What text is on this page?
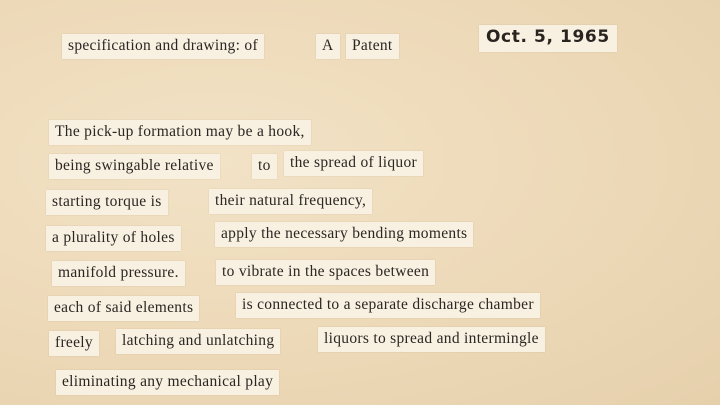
specification and drawing: of	A	Patent	Oct. 5, 1965
The pick-up formation may be a hook,
being swingable relative	to	the spread of liquor
starting torque is	their natural frequency,
a plurality of holes	apply the necessary bending moments
manifold pressure.	to vibrate in the spaces between
each of said elements	is connected to a separate discharge chamber
freely	latching and unlatching	liquors to spread and intermingle
eliminating any mechanical play
